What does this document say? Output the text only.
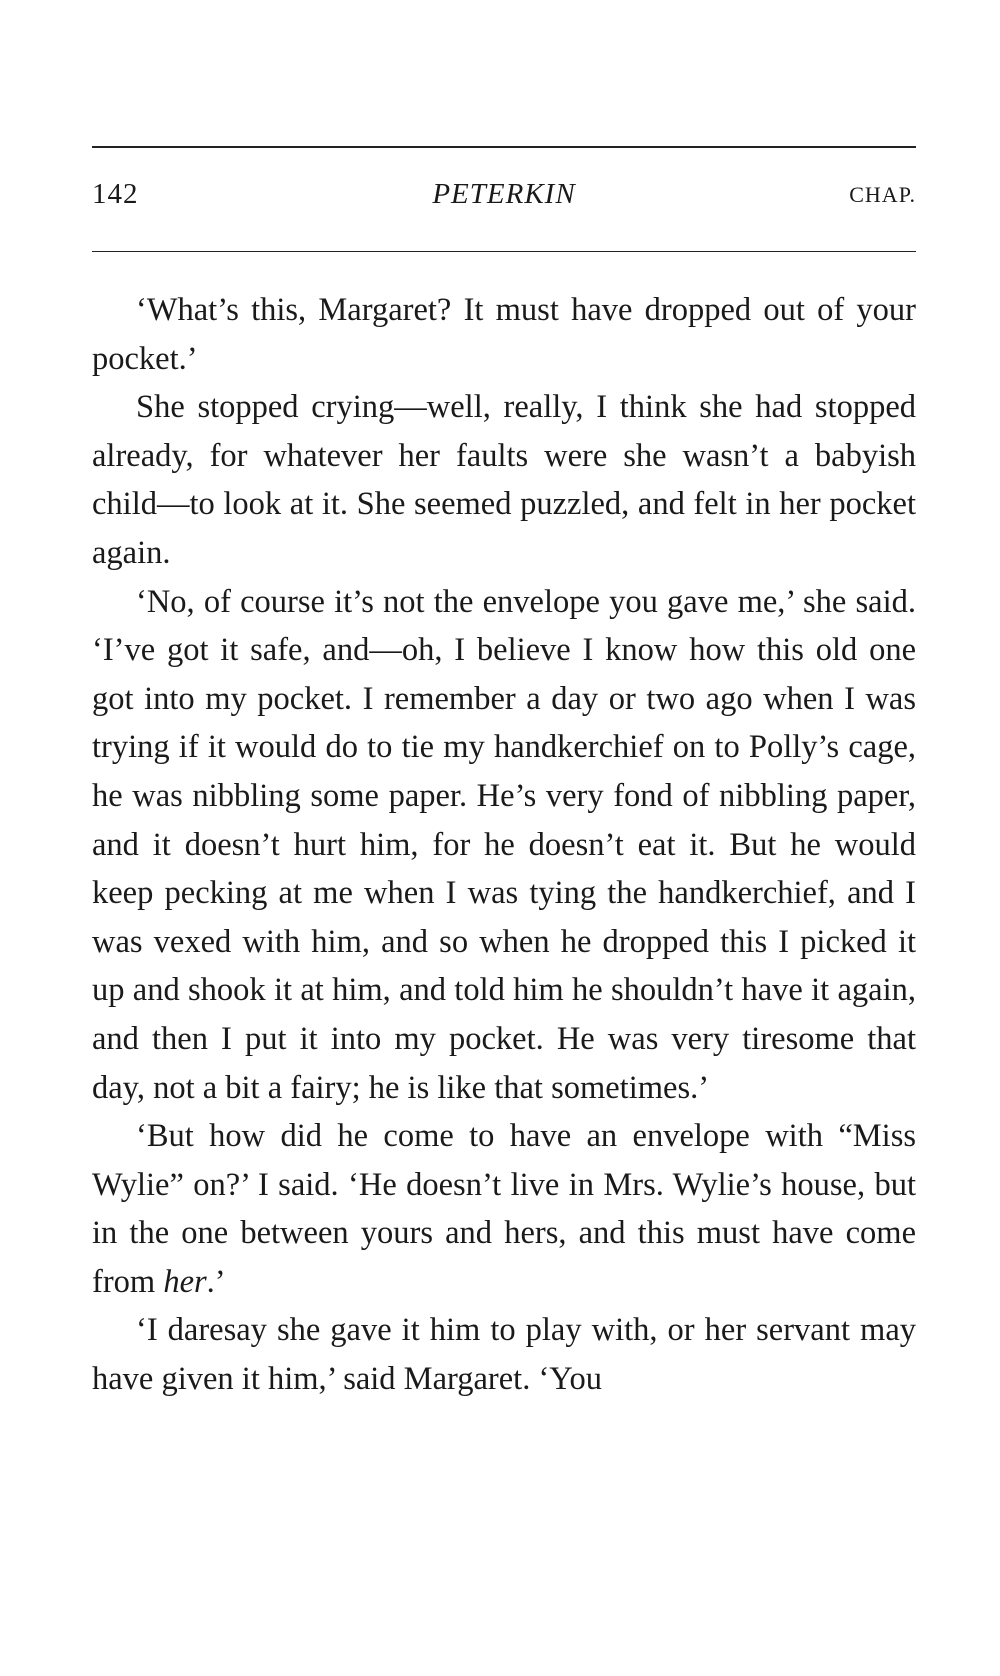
142	PETERKIN	CHAP.

‘What’s this, Margaret? It must have dropped out of your pocket.’

She stopped crying—well, really, I think she had stopped already, for whatever her faults were she wasn’t a babyish child—to look at it. She seemed puzzled, and felt in her pocket again.

‘No, of course it’s not the envelope you gave me,’ she said. ‘I’ve got it safe, and—oh, I believe I know how this old one got into my pocket. I remember a day or two ago when I was trying if it would do to tie my handkerchief on to Polly’s cage, he was nibbling some paper. He’s very fond of nibbling paper, and it doesn’t hurt him, for he doesn’t eat it. But he would keep pecking at me when I was tying the handkerchief, and I was vexed with him, and so when he dropped this I picked it up and shook it at him, and told him he shouldn’t have it again, and then I put it into my pocket. He was very tiresome that day, not a bit a fairy; he is like that sometimes.’

‘But how did he come to have an envelope with “Miss Wylie” on?’ I said. ‘He doesn’t live in Mrs. Wylie’s house, but in the one between yours and hers, and this must have come from her.’

‘I daresay she gave it him to play with, or her servant may have given it him,’ said Margaret. ‘You
